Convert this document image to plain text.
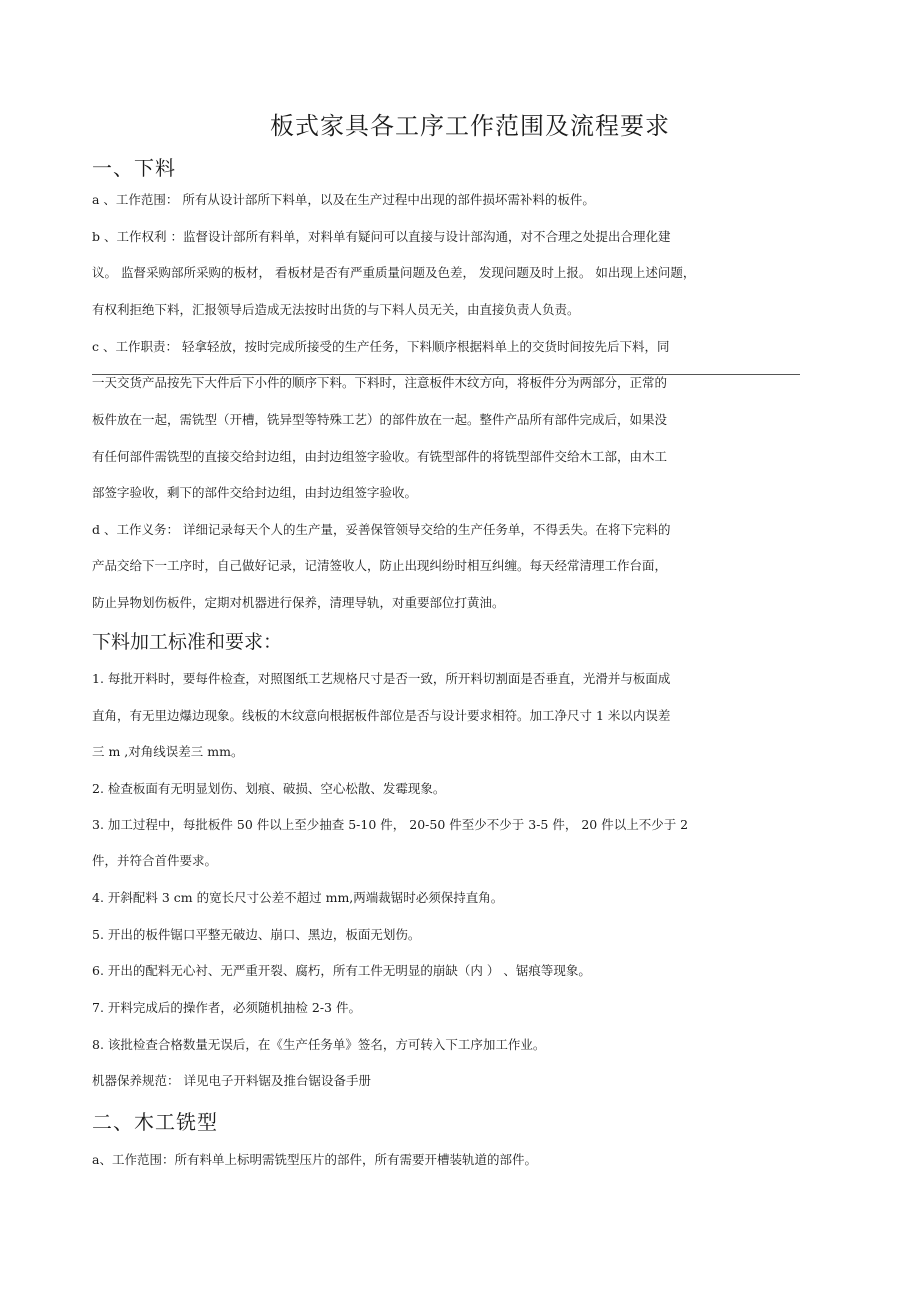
板式家具各工序工作范围及流程要求
一、下料

a 、工作范围： 所有从设计部所下料单，以及在生产过程中出现的部件损坏需补料的板件。

b 、工作权利 ：监督设计部所有料单，对料单有疑问可以直接与设计部沟通，对不合理之处提出合理化建

议。 监督采购部所采购的板材， 看板材是否有严重质量问题及色差， 发现问题及时上报。 如出现上述问题，

有权利拒绝下料，汇报领导后造成无法按时出货的与下料人员无关，由直接负责人负责。

c 、工作职责： 轻拿轻放，按时完成所接受的生产任务，下料顺序根据料单上的交货时间按先后下料，同

一天交货产品按先下大件后下小件的顺序下料。下料时，注意板件木纹方向，将板件分为两部分，正常的

板件放在一起，需铣型（开槽，铣异型等特殊工艺）的部件放在一起。整件产品所有部件完成后，如果没

有任何部件需铣型的直接交给封边组，由封边组签字验收。有铣型部件的将铣型部件交给木工部，由木工

部签字验收，剩下的部件交给封边组，由封边组签字验收。

d 、工作义务： 详细记录每天个人的生产量，妥善保管领导交给的生产任务单，不得丢失。在将下完料的

产品交给下一工序时，自己做好记录，记清签收人，防止出现纠纷时相互纠缠。每天经常清理工作台面，

防止异物划伤板件，定期对机器进行保养，清理导轨，对重要部位打黄油。

下料加工标准和要求：

1. 每批开料时，要每件检查，对照图纸工艺规格尺寸是否一致，所开料切割面是否垂直，光滑并与板面成

直角，有无里边爆边现象。线板的木纹意向根据板件部位是否与设计要求相符。加工净尺寸 1 米以内误差

三 m ,对角线误差三 mm。

2. 检查板面有无明显划伤、划痕、破损、空心松散、发霉现象。

3. 加工过程中，每批板件 50 件以上至少抽查 5-10 件， 20-50 件至少不少于 3-5 件， 20 件以上不少于 2

件，并符合首件要求。

4. 开斜配料 3 cm 的宽长尺寸公差不超过 mm,两端裁锯时必须保持直角。

5. 开出的板件锯口平整无破边、崩口、黑边，板面无划伤。

6. 开出的配料无心衬、无严重开裂、腐朽，所有工件无明显的崩缺（内 ） 、锯痕等现象。

7. 开料完成后的操作者，必须随机抽检 2-3 件。

8. 该批检查合格数量无误后，在《生产任务单》签名，方可转入下工序加工作业。

机器保养规范： 详见电子开料锯及推台锯设备手册

二、木工铣型

a、工作范围：所有料单上标明需铣型压片的部件，所有需要开槽装轨道的部件。
